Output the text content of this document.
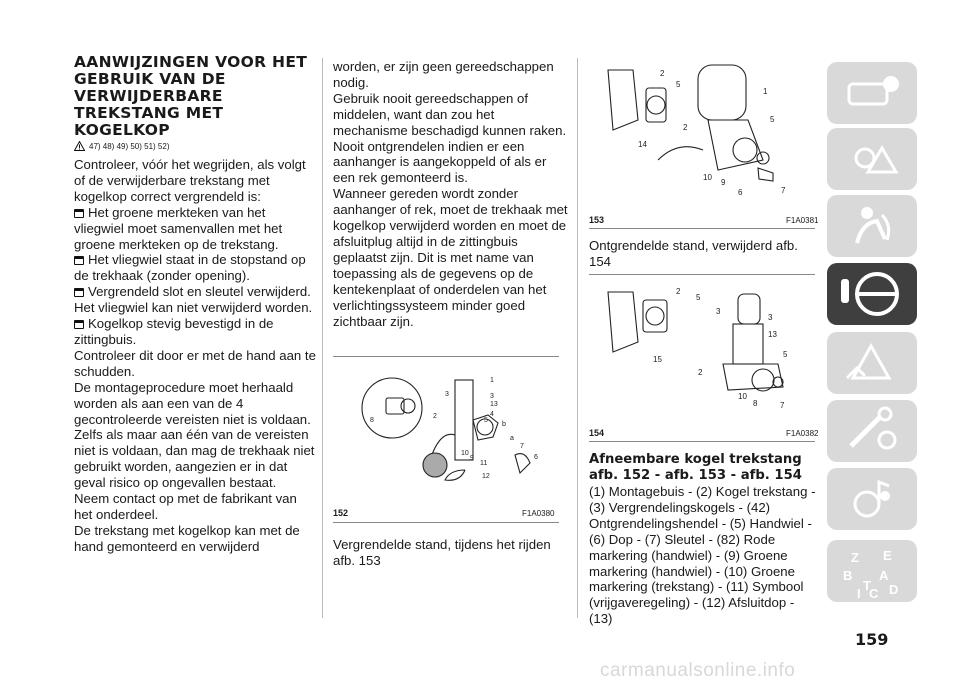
AANWIJZINGEN VOOR HET GEBRUIK VAN DE VERWIJDERBARE TREKSTANG MET KOGELKOP
47) 48) 49) 50) 51) 52)

Controleer, vóór het wegrijden, als volgt of de verwijderbare trekstang met kogelkop correct vergrendeld is:

Het groene merkteken van het vliegwiel moet samenvallen met het groene merkteken op de trekstang.

Het vliegwiel staat in de stopstand op de trekhaak (zonder opening).

Vergrendeld slot en sleutel verwijderd. Het vliegwiel kan niet verwijderd worden.

Kogelkop stevig bevestigd in de zittingbuis.

Controleer dit door er met de hand aan te schudden.

De montageprocedure moet herhaald worden als aan een van de 4 gecontroleerde vereisten niet is voldaan.

Zelfs als maar aan één van de vereisten niet is voldaan, dan mag de trekhaak niet gebruikt worden, aangezien er in dat geval risico op ongevallen bestaat.

Neem contact op met de fabrikant van het onderdeel.

De trekstang met kogelkop kan met de hand gemonteerd en verwijderd

worden, er zijn geen gereedschappen nodig.

Gebruik nooit gereedschappen of middelen, want dan zou het mechanisme beschadigd kunnen raken.

Nooit ontgrendelen indien er een aanhanger is aangekoppeld of als er een rek gemonteerd is.

Wanneer gereden wordt zonder aanhanger of rek, moet de trekhaak met kogelkop verwijderd worden en moet de afsluitplug altijd in de zittingbuis geplaatst zijn. Dit is met name van toepassing als de gegevens op de kentekenplaat of onderdelen van het verlichtingssysteem minder goed zichtbaar zijn.

1
3	3
13
2	4
8	5
b
a
7
6
10
9
11
12
152	F1A0380
Vergrendelde stand, tijdens het rijden afb. 153
2
5
1
14
2
5
10
9
6	7
153	F1A0381
Ontgrendelde stand, verwijderd afb. 154
2
5
3
3
13
15
5
2
10
8	7
154	F1A0382

Afneembare kogel trekstang afb. 152 - afb. 153 - afb. 154

(1) Montagebuis - (2) Kogel trekstang - (3) Vergrendelingskogels - (42) Ontgrendelingshendel - (5) Handwiel - (6) Dop - (7) Sleutel - (82) Rode markering (handwiel) - (9) Groene markering (handwiel) - (10) Groene markering (trekstang) - (11) Symbool (vrijgaveregeling) - (12) Afsluitdop - (13)

Z E
B A
I C
T D
159
carmanualsonline.info
